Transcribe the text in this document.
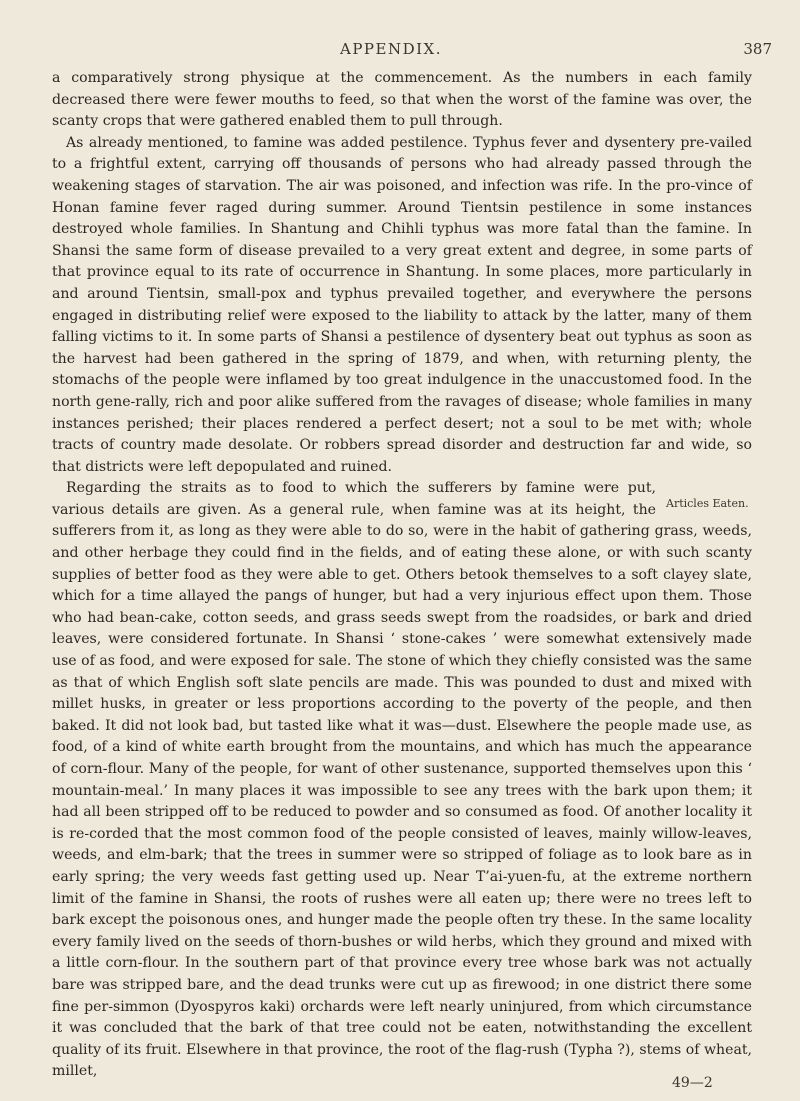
APPENDIX.	387

a comparatively strong physique at the commencement. As the numbers in each family decreased there were fewer mouths to feed, so that when the worst of the famine was over, the scanty crops that were gathered enabled them to pull through.

As already mentioned, to famine was added pestilence. Typhus fever and dysentery pre-vailed to a frightful extent, carrying off thousands of persons who had already passed through the weakening stages of starvation. The air was poisoned, and infection was rife. In the pro-vince of Honan famine fever raged during summer. Around Tientsin pestilence in some instances destroyed whole families. In Shantung and Chihli typhus was more fatal than the famine. In Shansi the same form of disease prevailed to a very great extent and degree, in some parts of that province equal to its rate of occurrence in Shantung. In some places, more particularly in and around Tientsin, small-pox and typhus prevailed together, and everywhere the persons engaged in distributing relief were exposed to the liability to attack by the latter, many of them falling victims to it. In some parts of Shansi a pestilence of dysentery beat out typhus as soon as the harvest had been gathered in the spring of 1879, and when, with returning plenty, the stomachs of the people were inflamed by too great indulgence in the unaccustomed food. In the north gene-rally, rich and poor alike suffered from the ravages of disease; whole families in many instances perished; their places rendered a perfect desert; not a soul to be met with; whole tracts of country made desolate. Or robbers spread disorder and destruction far and wide, so that districts were left depopulated and ruined.

Articles Eaten.

Regarding the straits as to food to which the sufferers by famine were put, various details are given. As a general rule, when famine was at its height, the sufferers from it, as long as they were able to do so, were in the habit of gathering grass, weeds, and other herbage they could find in the fields, and of eating these alone, or with such scanty supplies of better food as they were able to get. Others betook themselves to a soft clayey slate, which for a time allayed the pangs of hunger, but had a very injurious effect upon them. Those who had bean-cake, cotton seeds, and grass seeds swept from the roadsides, or bark and dried leaves, were considered fortunate. In Shansi ‘ stone-cakes ’ were somewhat extensively made use of as food, and were exposed for sale. The stone of which they chiefly consisted was the same as that of which English soft slate pencils are made. This was pounded to dust and mixed with millet husks, in greater or less proportions according to the poverty of the people, and then baked. It did not look bad, but tasted like what it was—dust. Elsewhere the people made use, as food, of a kind of white earth brought from the mountains, and which has much the appearance of corn-flour. Many of the people, for want of other sustenance, supported themselves upon this ‘ mountain-meal.’ In many places it was impossible to see any trees with the bark upon them; it had all been stripped off to be reduced to powder and so consumed as food. Of another locality it is re-corded that the most common food of the people consisted of leaves, mainly willow-leaves, weeds, and elm-bark; that the trees in summer were so stripped of foliage as to look bare as in early spring; the very weeds fast getting used up. Near T’ai-yuen-fu, at the extreme northern limit of the famine in Shansi, the roots of rushes were all eaten up; there were no trees left to bark except the poisonous ones, and hunger made the people often try these. In the same locality every family lived on the seeds of thorn-bushes or wild herbs, which they ground and mixed with a little corn-flour. In the southern part of that province every tree whose bark was not actually bare was stripped bare, and the dead trunks were cut up as firewood; in one district there some fine per-simmon (Dyospyros kaki) orchards were left nearly uninjured, from which circumstance it was concluded that the bark of that tree could not be eaten, notwithstanding the excellent quality of its fruit. Elsewhere in that province, the root of the flag-rush (Typha ?), stems of wheat, millet,

49—2
